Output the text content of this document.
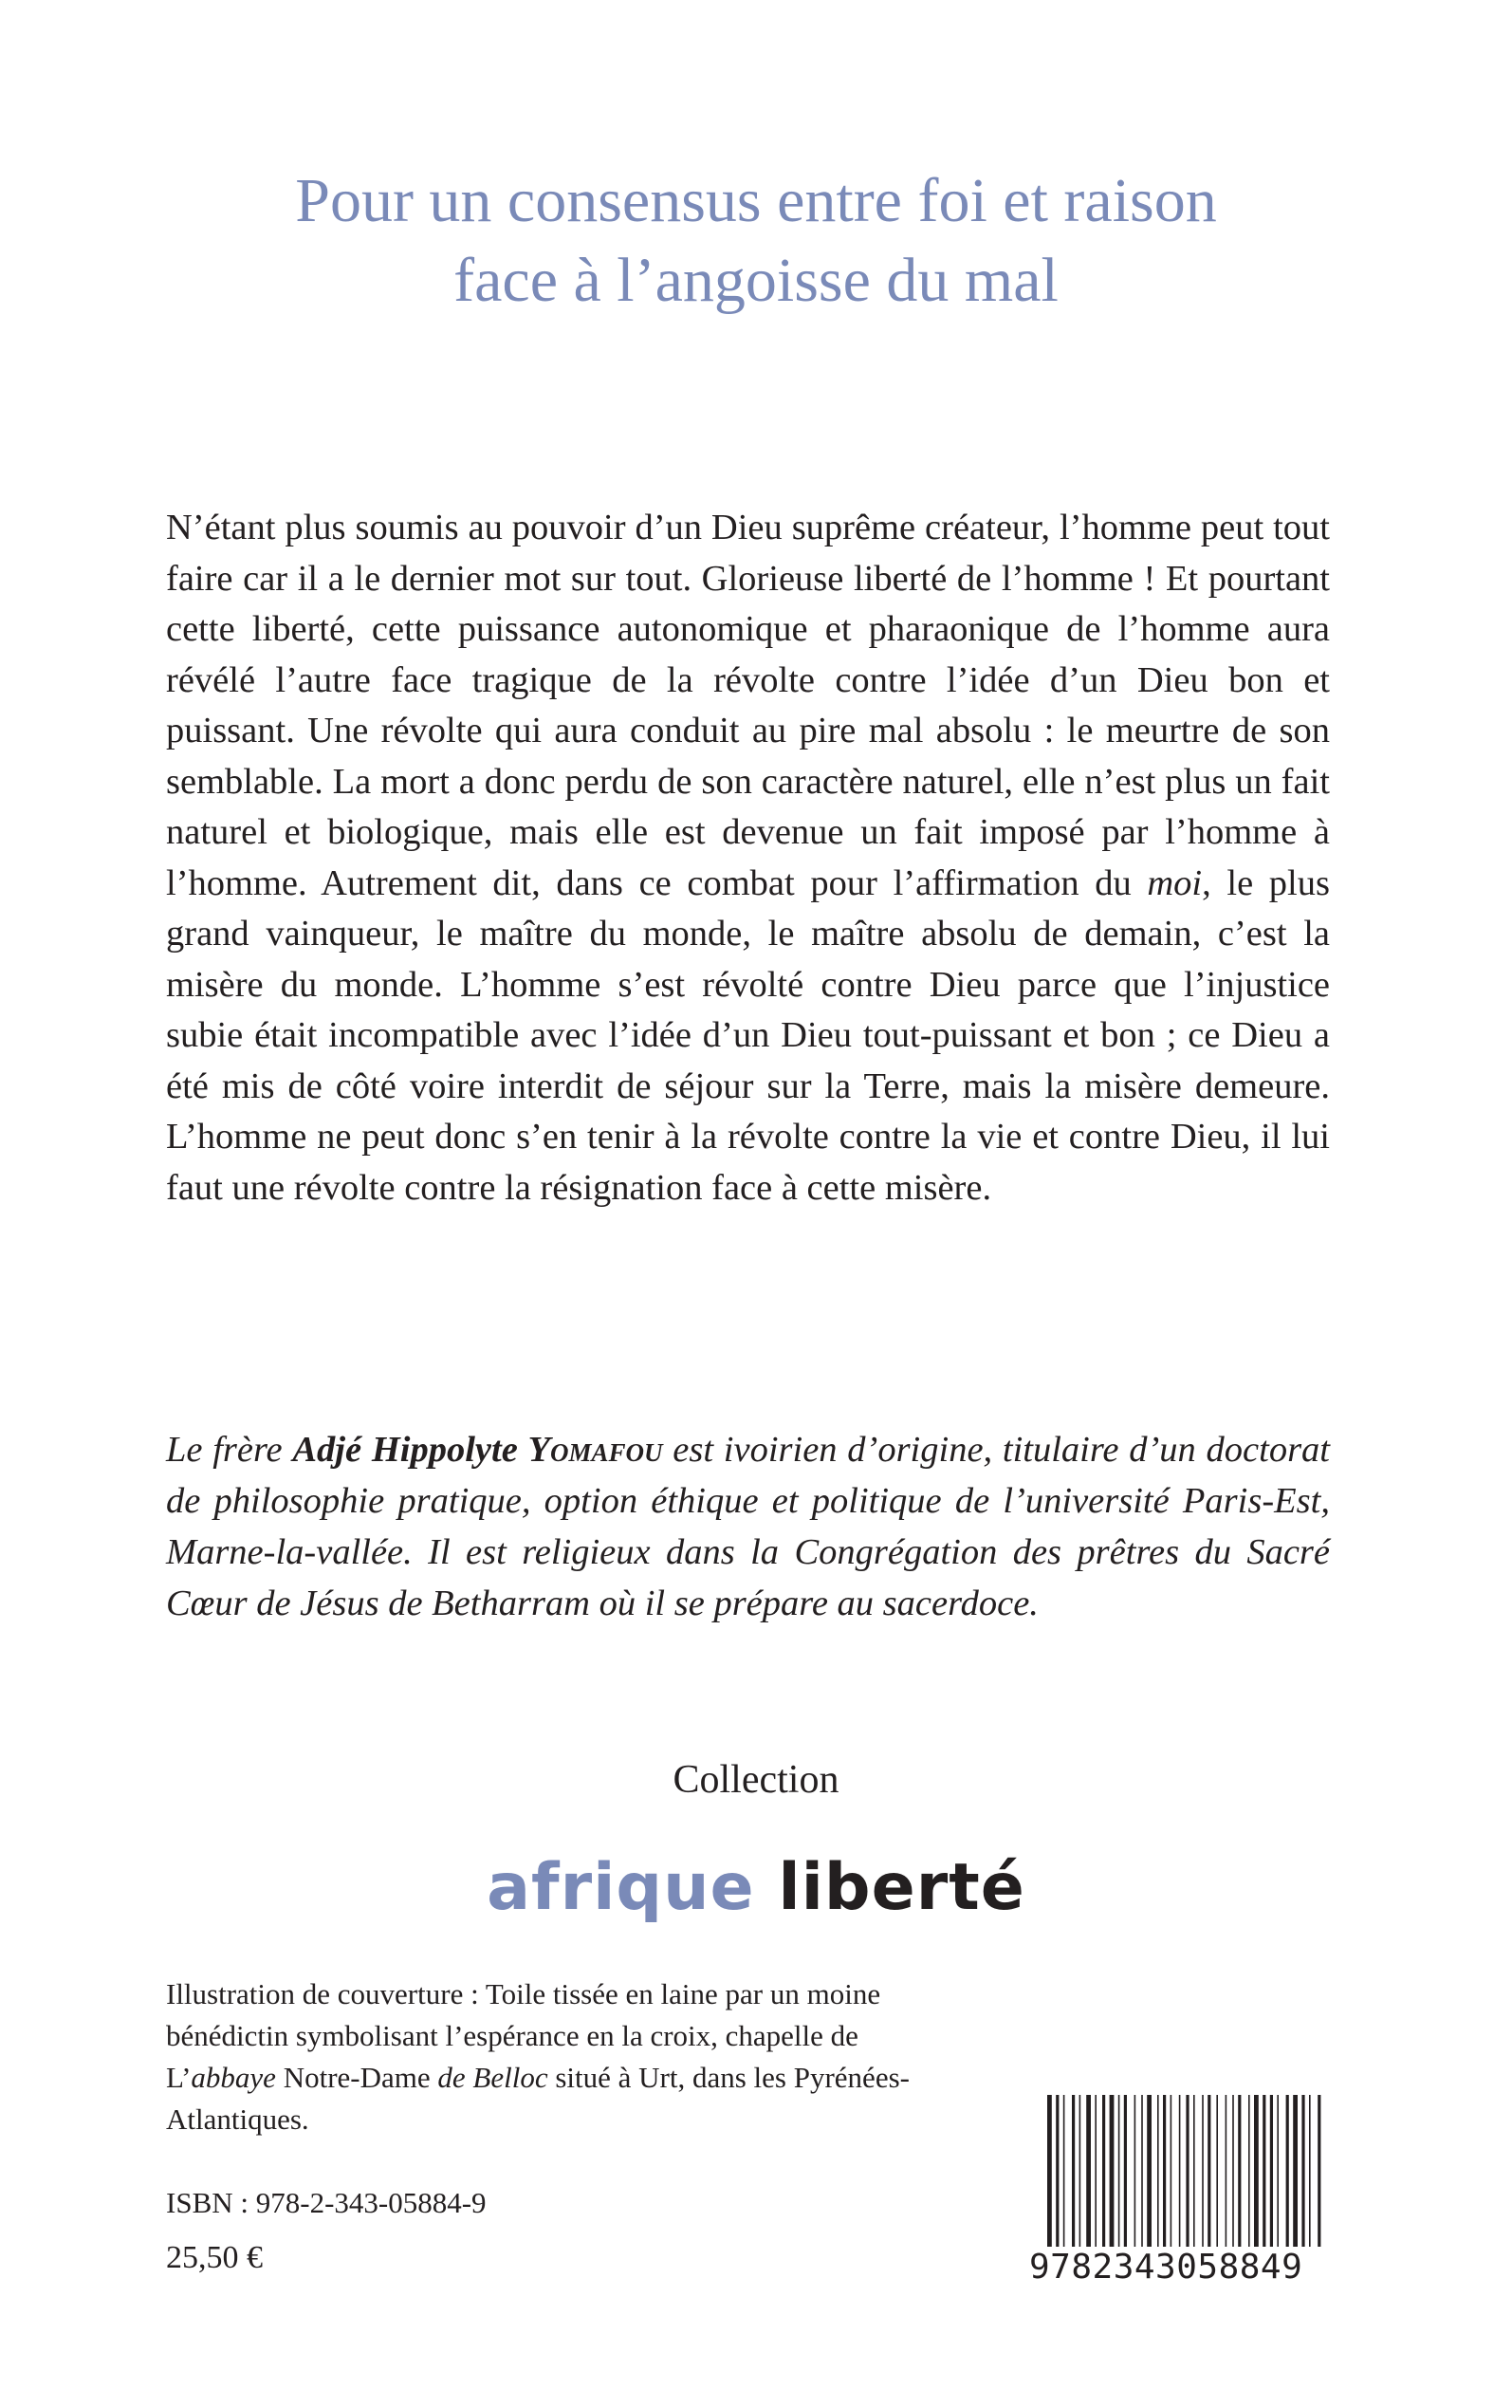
Pour un consensus entre foi et raison
face à l’angoisse du mal

N’étant plus soumis au pouvoir d’un Dieu suprême créateur, l’homme peut tout faire car il a le dernier mot sur tout. Glorieuse liberté de l’homme ! Et pourtant cette liberté, cette puissance autonomique et pharaonique de l’homme aura révélé l’autre face tragique de la révolte contre l’idée d’un Dieu bon et puissant. Une révolte qui aura conduit au pire mal absolu : le meurtre de son semblable. La mort a donc perdu de son caractère naturel, elle n’est plus un fait naturel et biologique, mais elle est devenue un fait imposé par l’homme à l’homme. Autrement dit, dans ce combat pour l’affirmation du moi, le plus grand vainqueur, le maître du monde, le maître absolu de demain, c’est la misère du monde. L’homme s’est révolté contre Dieu parce que l’injustice subie était incompatible avec l’idée d’un Dieu tout-puissant et bon ; ce Dieu a été mis de côté voire interdit de séjour sur la Terre, mais la misère demeure. L’homme ne peut donc s’en tenir à la révolte contre la vie et contre Dieu, il lui faut une révolte contre la résignation face à cette misère.

Le frère Adjé Hippolyte Yomafou est ivoirien d’origine, titulaire d’un doctorat de philosophie pratique, option éthique et politique de l’université Paris-Est, Marne-la-vallée. Il est religieux dans la Congrégation des prêtres du Sacré Cœur de Jésus de Betharram où il se prépare au sacerdoce.

Collection
afrique liberté

Illustration de couverture : Toile tissée en laine par un moine bénédictin symbolisant l’espérance en la croix, chapelle de L’abbaye Notre-Dame de Belloc situé à Urt, dans les Pyrénées-Atlantiques.

ISBN : 978-2-343-05884-9
25,50 €	9782343058849
